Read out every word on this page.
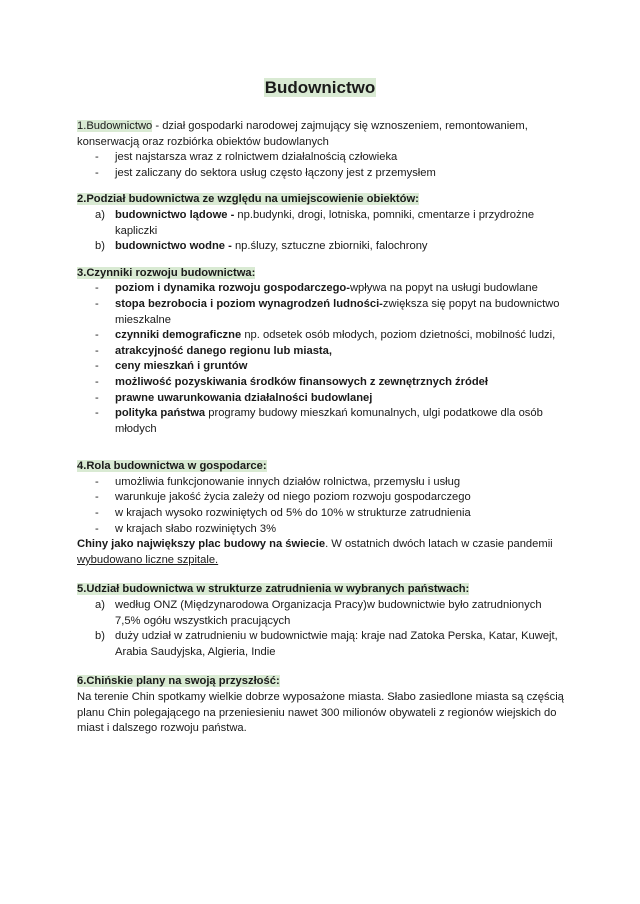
Budownictwo

1.Budownictwo - dział gospodarki narodowej zajmujący się wznoszeniem, remontowaniem, konserwacją oraz rozbiórka obiektów budowlanych

- jest najstarsza wraz z rolnictwem działalnością człowieka
- jest zaliczany do sektora usług często łączony jest z przemysłem

2.Podział budownictwa ze względu na umiejscowienie obiektów:

a) budownictwo lądowe - np.budynki, drogi, lotniska, pomniki, cmentarze i przydrożne kapliczki
b) budownictwo wodne - np.śluzy, sztuczne zbiorniki, falochrony

3.Czynniki rozwoju budownictwa:

- poziom i dynamika rozwoju gospodarczego-wpływa na popyt na usługi budowlane
- stopa bezrobocia i poziom wynagrodzeń ludności-zwiększa się popyt na budownictwo mieszkalne
- czynniki demograficzne np. odsetek osób młodych, poziom dzietności, mobilność ludzi,
- atrakcyjność danego regionu lub miasta,
- ceny mieszkań i gruntów
- możliwość pozyskiwania środków finansowych z zewnętrznych źródeł
- prawne uwarunkowania działalności budowlanej
- polityka państwa programy budowy mieszkań komunalnych, ulgi podatkowe dla osób młodych

4.Rola budownictwa w gospodarce:

- umożliwia funkcjonowanie innych działów rolnictwa, przemysłu i usług
- warunkuje jakość życia zależy od niego poziom rozwoju gospodarczego
- w krajach wysoko rozwiniętych od 5% do 10% w strukturze zatrudnienia
- w krajach słabo rozwiniętych 3%

Chiny jako największy plac budowy na świecie. W ostatnich dwóch latach w czasie pandemii wybudowano liczne szpitale.

5.Udział budownictwa w strukturze zatrudnienia w wybranych państwach:

a) według ONZ (Międzynarodowa Organizacja Pracy)w budownictwie było zatrudnionych 7,5% ogółu wszystkich pracujących
b) duży udział w zatrudnieniu w budownictwie mają: kraje nad Zatoka Perska, Katar, Kuwejt, Arabia Saudyjska, Algieria, Indie

6.Chińskie plany na swoją przyszłość:

Na terenie Chin spotkamy wielkie dobrze wyposażone miasta. Słabo zasiedlone miasta są częścią planu Chin polegającego na przeniesieniu nawet 300 milionów obywateli z regionów wiejskich do miast i dalszego rozwoju państwa.
